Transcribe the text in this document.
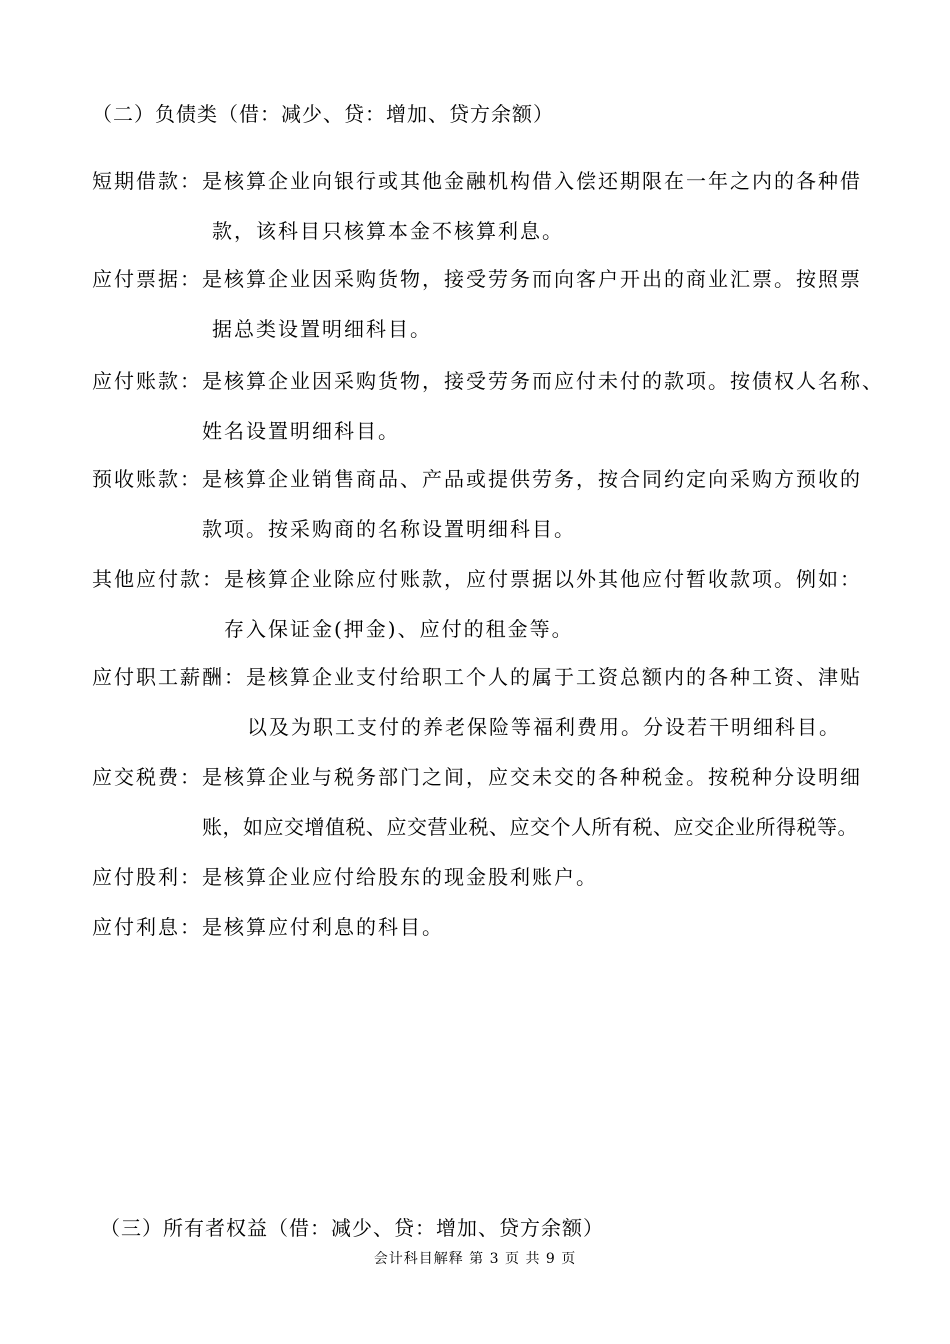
（二）负债类（借：减少、贷：增加、贷方余额）
短期借款：是核算企业向银行或其他金融机构借入偿还期限在一年之内的各种借
款，该科目只核算本金不核算利息。
应付票据：是核算企业因采购货物，接受劳务而向客户开出的商业汇票。按照票
据总类设置明细科目。
应付账款：是核算企业因采购货物，接受劳务而应付未付的款项。按债权人名称、
姓名设置明细科目。
预收账款：是核算企业销售商品、产品或提供劳务，按合同约定向采购方预收的
款项。按采购商的名称设置明细科目。
其他应付款：是核算企业除应付账款，应付票据以外其他应付暂收款项。例如：
存入保证金(押金)、应付的租金等。
应付职工薪酬：是核算企业支付给职工个人的属于工资总额内的各种工资、津贴
以及为职工支付的养老保险等福利费用。分设若干明细科目。
应交税费：是核算企业与税务部门之间，应交未交的各种税金。按税种分设明细
账，如应交增值税、应交营业税、应交个人所有税、应交企业所得税等。
应付股利：是核算企业应付给股东的现金股利账户。
应付利息：是核算应付利息的科目。
（三）所有者权益（借：减少、贷：增加、贷方余额）
会计科目解释 第 3 页 共 9 页
